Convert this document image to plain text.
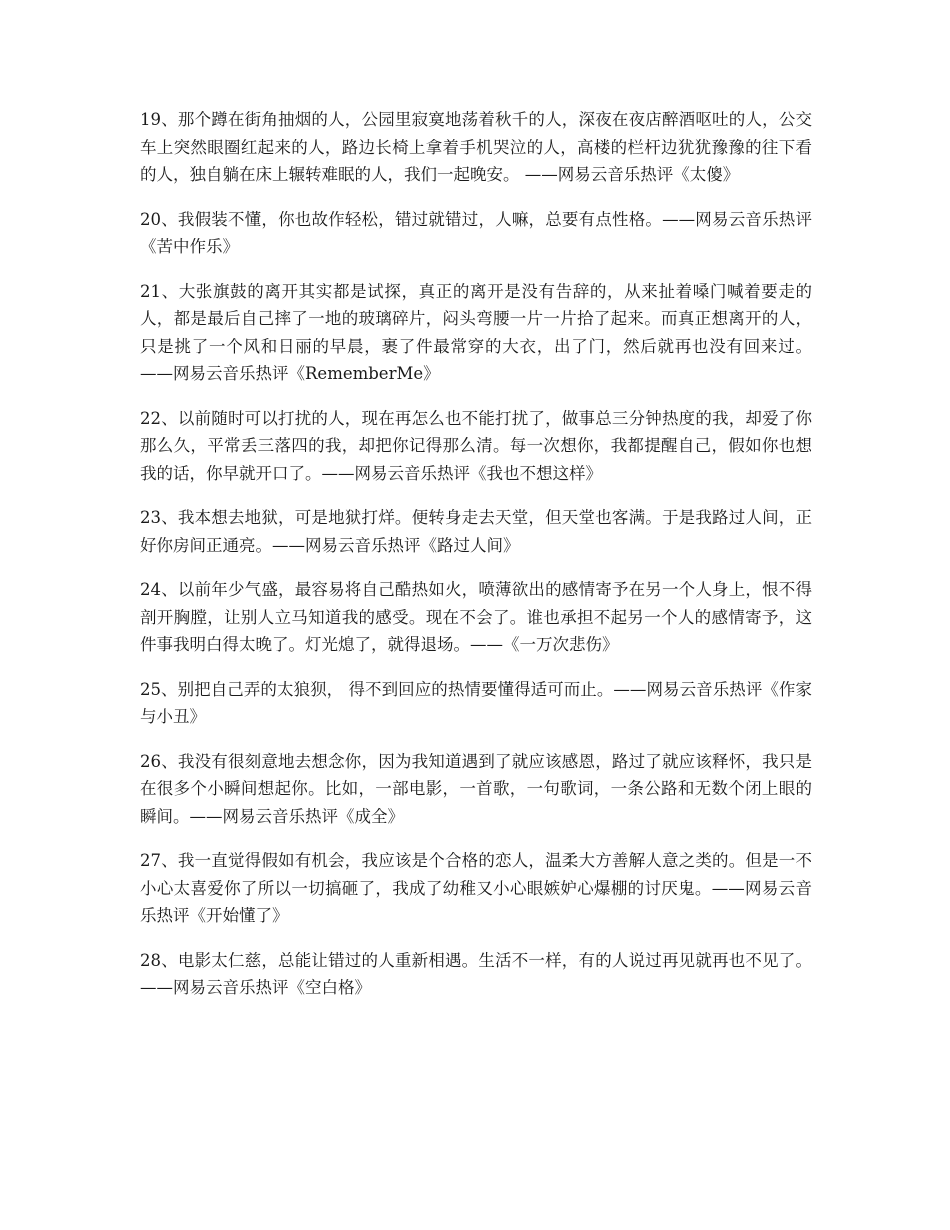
19、那个蹲在街角抽烟的人，公园里寂寞地荡着秋千的人，深夜在夜店醉酒呕吐的人，公交车上突然眼圈红起来的人，路边长椅上拿着手机哭泣的人，高楼的栏杆边犹犹豫豫的往下看的人，独自躺在床上辗转难眠的人，我们一起晚安。 ——网易云音乐热评《太傻》

20、我假装不懂，你也故作轻松，错过就错过，人嘛，总要有点性格。——网易云音乐热评《苦中作乐》

21、大张旗鼓的离开其实都是试探，真正的离开是没有告辞的，从来扯着嗓门喊着要走的人，都是最后自己摔了一地的玻璃碎片，闷头弯腰一片一片拾了起来。而真正想离开的人，只是挑了一个风和日丽的早晨，裹了件最常穿的大衣，出了门，然后就再也没有回来过。——网易云音乐热评《RememberMe》

22、以前随时可以打扰的人，现在再怎么也不能打扰了，做事总三分钟热度的我，却爱了你那么久，平常丢三落四的我，却把你记得那么清。每一次想你，我都提醒自己，假如你也想我的话，你早就开口了。——网易云音乐热评《我也不想这样》

23、我本想去地狱，可是地狱打烊。便转身走去天堂，但天堂也客满。于是我路过人间，正好你房间正通亮。——网易云音乐热评《路过人间》

24、以前年少气盛，最容易将自己酷热如火，喷薄欲出的感情寄予在另一个人身上，恨不得剖开胸膛，让别人立马知道我的感受。现在不会了。谁也承担不起另一个人的感情寄予，这件事我明白得太晚了。灯光熄了，就得退场。——《一万次悲伤》

25、别把自己弄的太狼狈， 得不到回应的热情要懂得适可而止。——网易云音乐热评《作家与小丑》

26、我没有很刻意地去想念你，因为我知道遇到了就应该感恩，路过了就应该释怀，我只是在很多个小瞬间想起你。比如，一部电影，一首歌，一句歌词，一条公路和无数个闭上眼的瞬间。——网易云音乐热评《成全》

27、我一直觉得假如有机会，我应该是个合格的恋人，温柔大方善解人意之类的。但是一不小心太喜爱你了所以一切搞砸了，我成了幼稚又小心眼嫉妒心爆棚的讨厌鬼。——网易云音乐热评《开始懂了》

28、电影太仁慈，总能让错过的人重新相遇。生活不一样，有的人说过再见就再也不见了。——网易云音乐热评《空白格》
